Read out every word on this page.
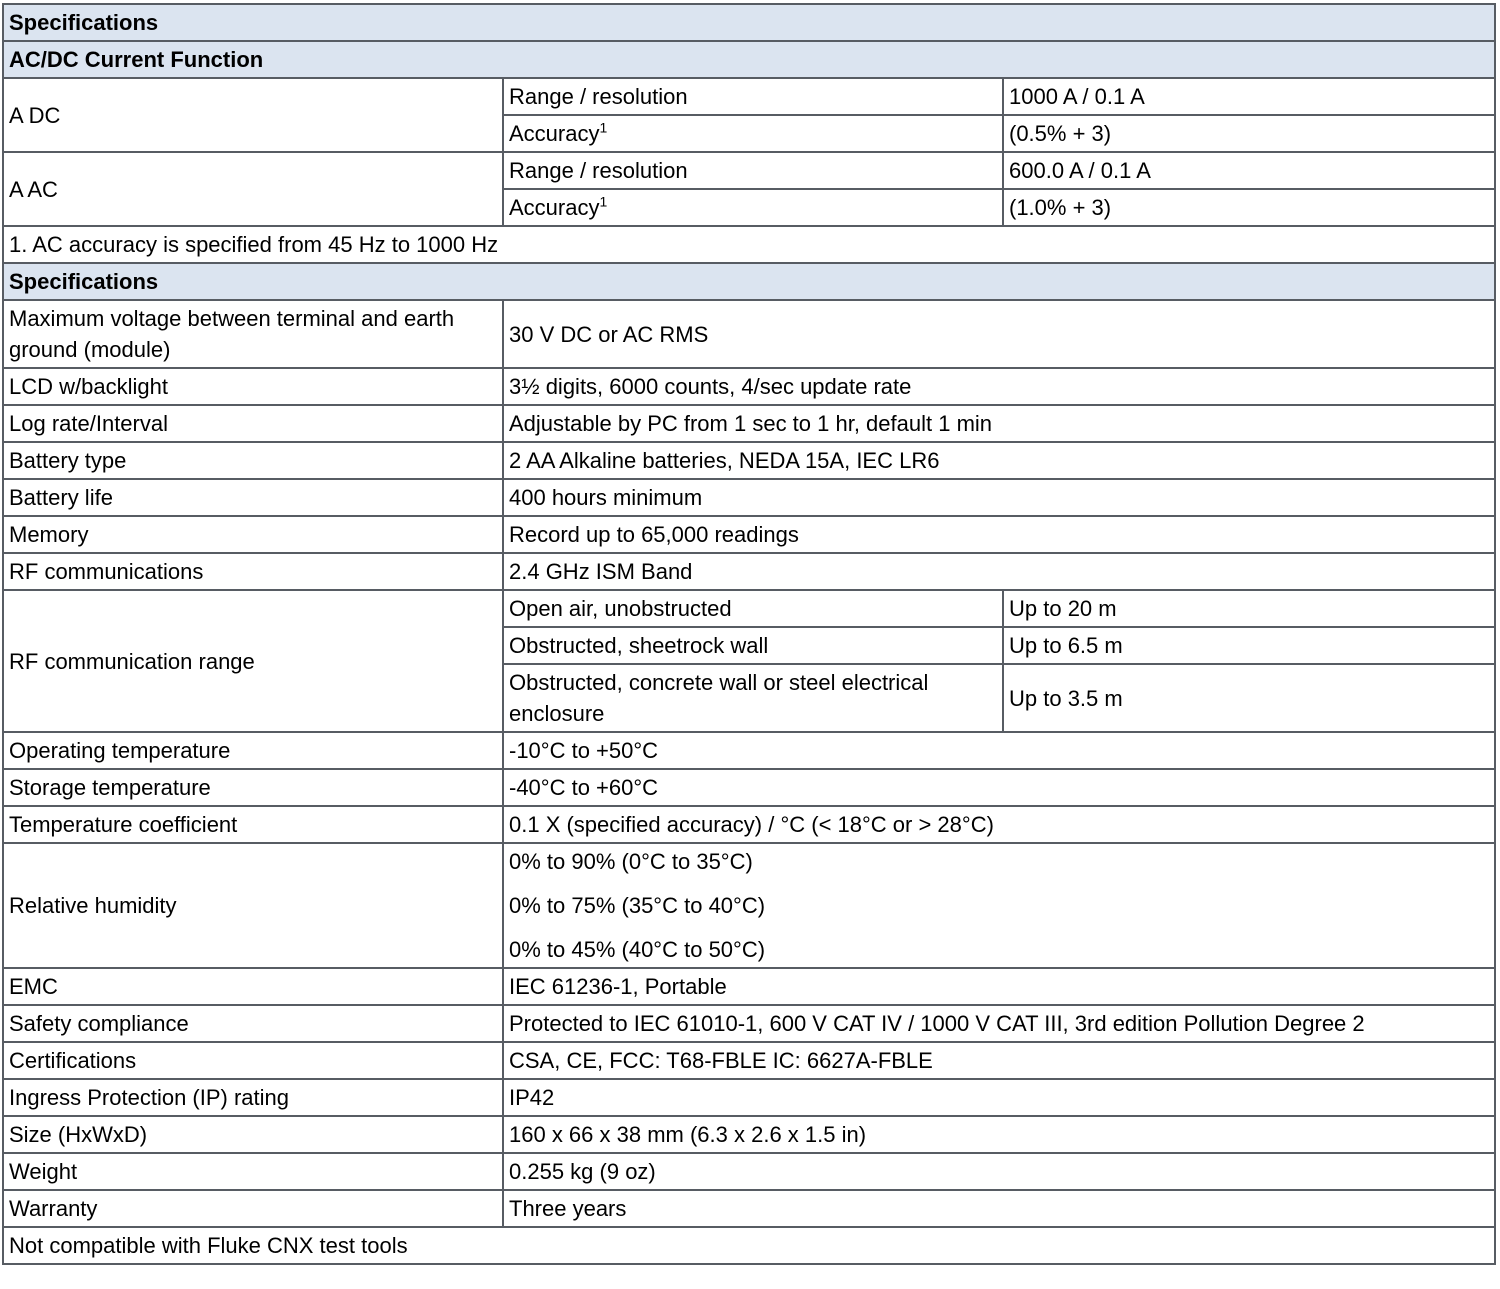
Specifications		
AC/DC Current Function		
A DC	Range / resolution	1000 A / 0.1 A
	Accuracy$^1$	(0.5% + 3)
A AC	Range / resolution	600.0 A / 0.1 A
	Accuracy$^1$	(1.0% + 3)
1. AC accuracy is specified from 45 Hz to 1000 Hz		
Specifications		
Maximum voltage between terminal and earth ground (module)	30 V DC or AC RMS	
LCD w/backlight	3½ digits, 6000 counts, 4/sec update rate	
Log rate/Interval	Adjustable by PC from 1 sec to 1 hr, default 1 min	
Battery type	2 AA Alkaline batteries, NEDA 15A, IEC LR6	
Battery life	400 hours minimum	
Memory	Record up to 65,000 readings	
RF communications	2.4 GHz ISM Band	
RF communication range	Open air, unobstructed	Up to 20 m
	Obstructed, sheetrock wall	Up to 6.5 m
	Obstructed, concrete wall or steel electrical enclosure	Up to 3.5 m
Operating temperature	-10°C to +50°C	
Storage temperature	-40°C to +60°C	
Temperature coefficient	0.1 X (specified accuracy) / °C (< 18°C or > 28°C)	
Relative humidity	0% to 90% (0°C to 35°C)
0% to 75% (35°C to 40°C)
0% to 45% (40°C to 50°C)	

EMC	IEC 61236-1, Portable	
Safety compliance	Protected to IEC 61010-1, 600 V CAT IV / 1000 V CAT III, 3rd edition Pollution Degree 2	
Certifications	CSA, CE, FCC: T68-FBLE IC: 6627A-FBLE	
Ingress Protection (IP) rating	IP42	
Size (HxWxD)	160 x 66 x 38 mm (6.3 x 2.6 x 1.5 in)	
Weight	0.255 kg (9 oz)	
Warranty	Three years	
Not compatible with Fluke CNX test tools		
